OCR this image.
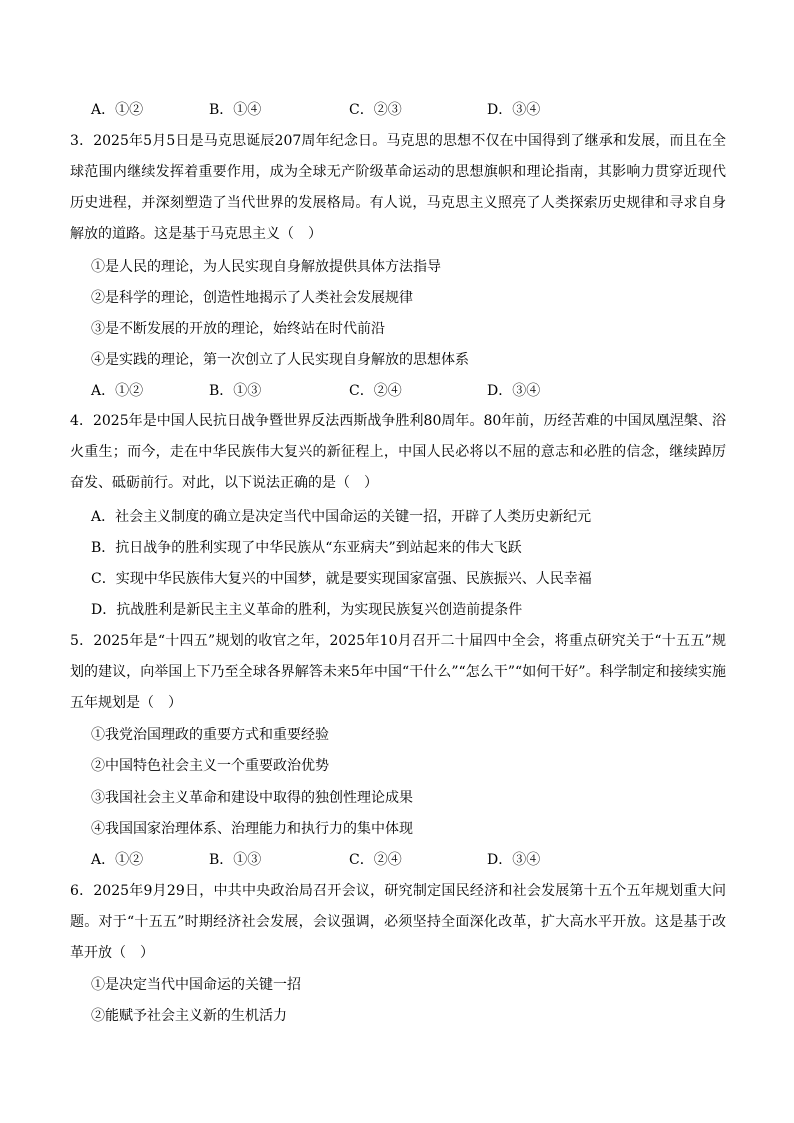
A．①②	B．①④	C．②③	D．③④
3．2025年5月5日是马克思诞辰207周年纪念日。马克思的思想不仅在中国得到了继承和发展，而且在全球范围内继续发挥着重要作用，成为全球无产阶级革命运动的思想旗帜和理论指南，其影响力贯穿近现代历史进程，并深刻塑造了当代世界的发展格局。有人说，马克思主义照亮了人类探索历史规律和寻求自身解放的道路。这是基于马克思主义（　）
①是人民的理论，为人民实现自身解放提供具体方法指导
②是科学的理论，创造性地揭示了人类社会发展规律
③是不断发展的开放的理论，始终站在时代前沿
④是实践的理论，第一次创立了人民实现自身解放的思想体系
A．①②	B．①③	C．②④	D．③④
4．2025年是中国人民抗日战争暨世界反法西斯战争胜利80周年。80年前，历经苦难的中国凤凰涅槃、浴火重生；而今，走在中华民族伟大复兴的新征程上，中国人民必将以不屈的意志和必胜的信念，继续踔厉奋发、砥砺前行。对此，以下说法正确的是（　）
A．社会主义制度的确立是决定当代中国命运的关键一招，开辟了人类历史新纪元
B．抗日战争的胜利实现了中华民族从“东亚病夫”到站起来的伟大飞跃
C．实现中华民族伟大复兴的中国梦，就是要实现国家富强、民族振兴、人民幸福
D．抗战胜利是新民主主义革命的胜利，为实现民族复兴创造前提条件
5．2025年是“十四五”规划的收官之年，2025年10月召开二十届四中全会，将重点研究关于“十五五”规划的建议，向举国上下乃至全球各界解答未来5年中国“干什么”“怎么干”“如何干好”。科学制定和接续实施五年规划是（　）
①我党治国理政的重要方式和重要经验
②中国特色社会主义一个重要政治优势
③我国社会主义革命和建设中取得的独创性理论成果
④我国国家治理体系、治理能力和执行力的集中体现
A．①②	B．①③	C．②④	D．③④
6．2025年9月29日，中共中央政治局召开会议，研究制定国民经济和社会发展第十五个五年规划重大问题。对于“十五五”时期经济社会发展，会议强调，必须坚持全面深化改革，扩大高水平开放。这是基于改革开放（　）
①是决定当代中国命运的关键一招
②能赋予社会主义新的生机活力
